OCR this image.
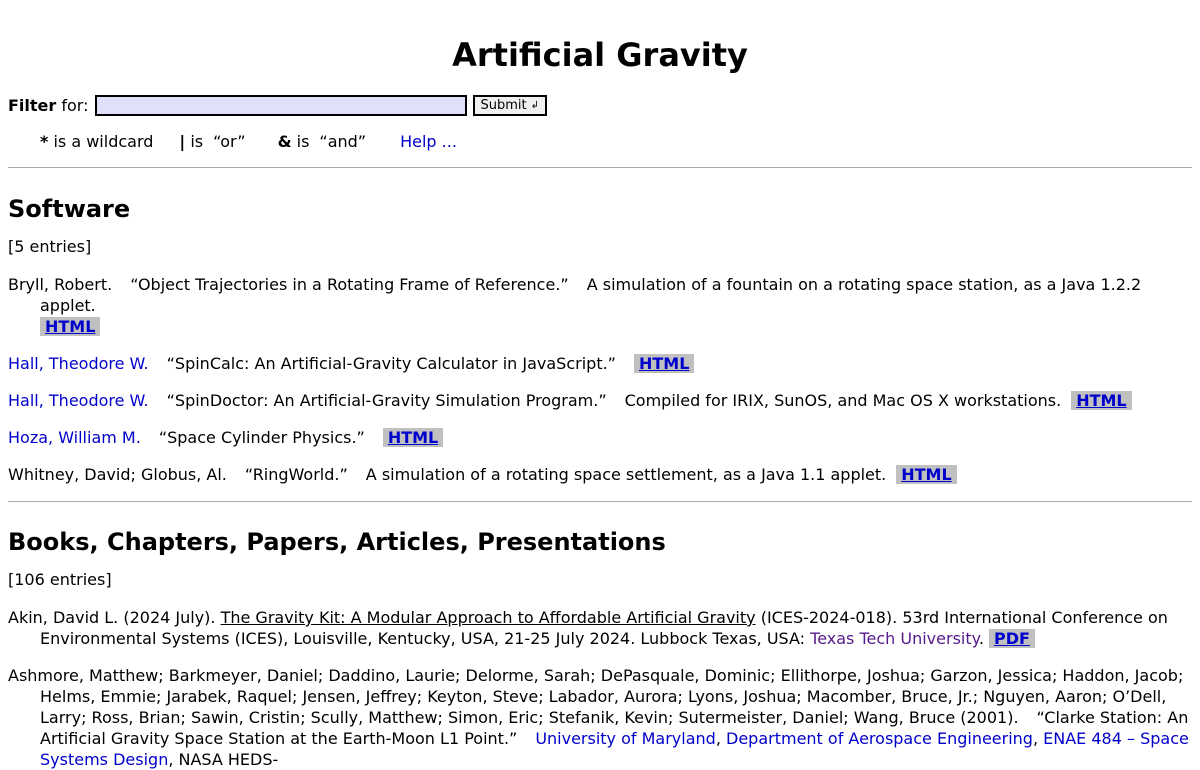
Artificial Gravity
Filter for:	Submit ↲
* is a wildcard | is “or” & is “and” Help ...
Software
[5 entries]
Bryll, Robert. “Object Trajectories in a Rotating Frame of Reference.” A simulation of a fountain on a rotating space station, as a Java 1.2.2 applet.
HTML
Hall, Theodore W. “SpinCalc: An Artificial-Gravity Calculator in JavaScript.” HTML
Hall, Theodore W. “SpinDoctor: An Artificial-Gravity Simulation Program.” Compiled for IRIX, SunOS, and Mac OS X workstations. HTML
Hoza, William M. “Space Cylinder Physics.” HTML
Whitney, David; Globus, Al. “RingWorld.” A simulation of a rotating space settlement, as a Java 1.1 applet. HTML
Books, Chapters, Papers, Articles, Presentations
[106 entries]
Akin, David L. (2024 July). The Gravity Kit: A Modular Approach to Affordable Artificial Gravity (ICES-2024-018). 53rd International Conference on Environmental Systems (ICES), Louisville, Kentucky, USA, 21-25 July 2024. Lubbock Texas, USA: Texas Tech University. PDF
Ashmore, Matthew; Barkmeyer, Daniel; Daddino, Laurie; Delorme, Sarah; DePasquale, Dominic; Ellithorpe, Joshua; Garzon, Jessica; Haddon, Jacob; Helms, Emmie; Jarabek, Raquel; Jensen, Jeffrey; Keyton, Steve; Labador, Aurora; Lyons, Joshua; Macomber, Bruce, Jr.; Nguyen, Aaron; O’Dell, Larry; Ross, Brian; Sawin, Cristin; Scully, Matthew; Simon, Eric; Stefanik, Kevin; Sutermeister, Daniel; Wang, Bruce (2001). “Clarke Station: An Artificial Gravity Space Station at the Earth-Moon L1 Point.” University of Maryland, Department of Aerospace Engineering, ENAE 484 – Space Systems Design, NASA HEDS-
